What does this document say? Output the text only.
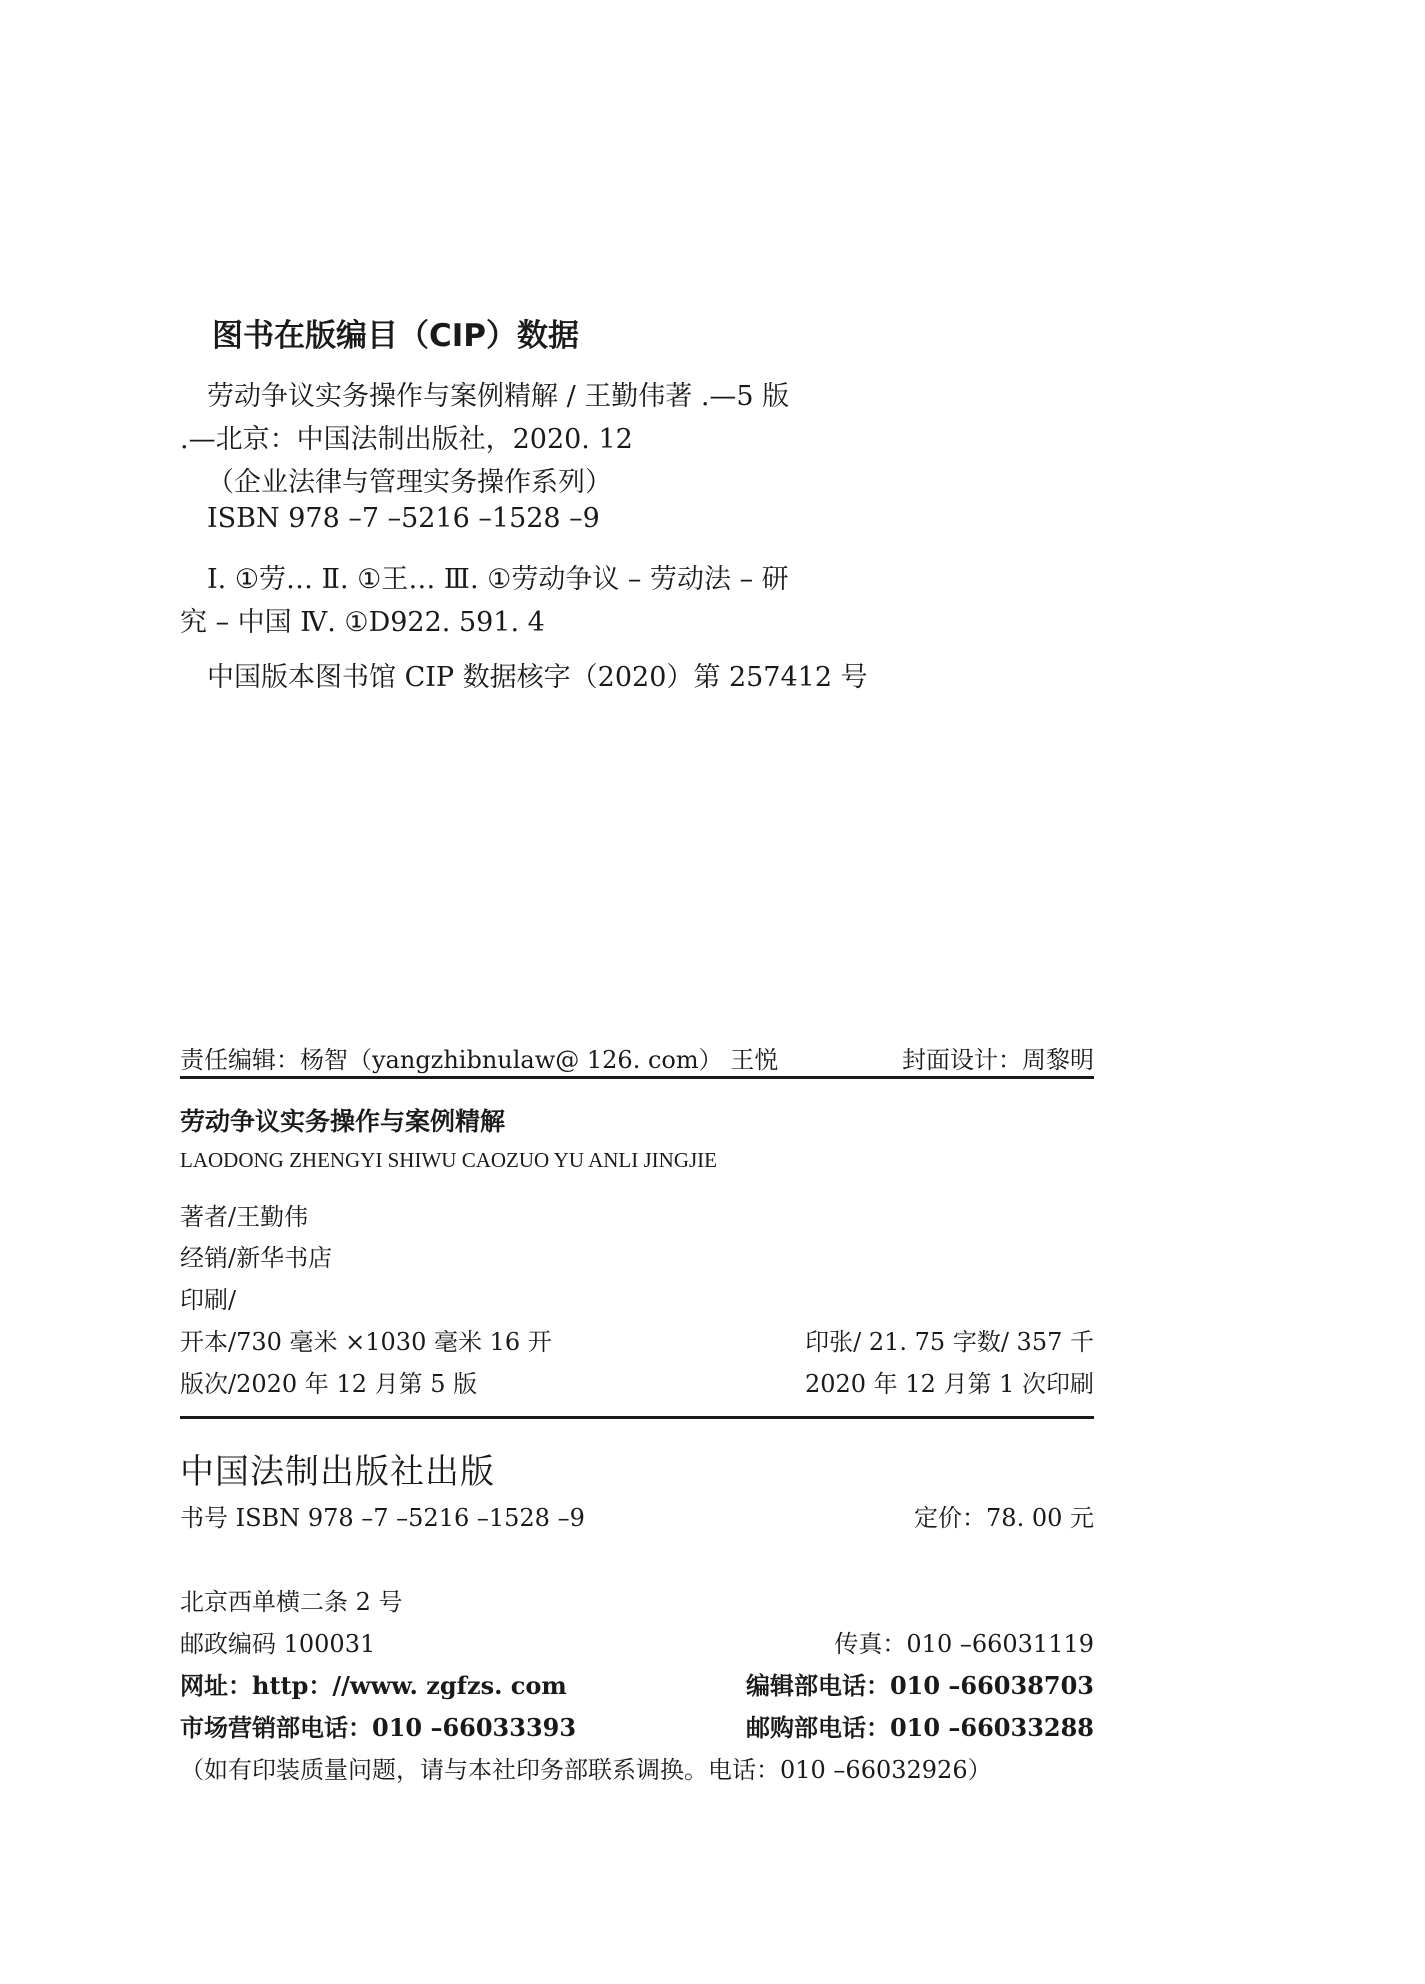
图书在版编目（CIP）数据
劳动争议实务操作与案例精解 / 王勤伟著 .—5 版
.—北京：中国法制出版社，2020. 12
（企业法律与管理实务操作系列）
ISBN 978 –7 –5216 –1528 –9
Ⅰ. ①劳… Ⅱ. ①王… Ⅲ. ①劳动争议 – 劳动法 – 研
究 – 中国 Ⅳ. ①D922. 591. 4
中国版本图书馆 CIP 数据核字（2020）第 257412 号
责任编辑：杨智（yangzhibnulaw@ 126. com） 王悦	封面设计：周黎明
劳动争议实务操作与案例精解
LAODONG ZHENGYI SHIWU CAOZUO YU ANLI JINGJIE
著者/王勤伟
经销/新华书店
印刷/
开本/730 毫米 ×1030 毫米 16 开	印张/ 21. 75 字数/ 357 千
版次/2020 年 12 月第 5 版	2020 年 12 月第 1 次印刷
中国法制出版社出版
书号 ISBN 978 –7 –5216 –1528 –9	定价：78. 00 元
北京西单横二条 2 号
邮政编码 100031	传真：010 –66031119
网址：http：//www. zgfzs. com	编辑部电话：010 –66038703
市场营销部电话：010 –66033393	邮购部电话：010 –66033288
（如有印装质量问题，请与本社印务部联系调换。电话：010 –66032926）
